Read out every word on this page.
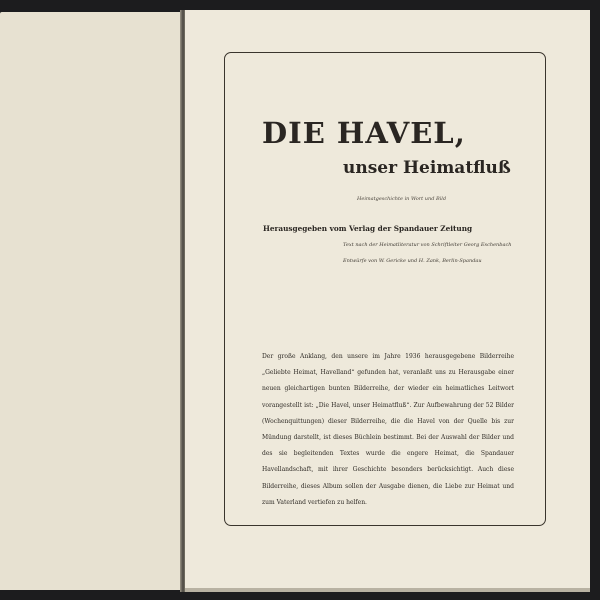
DIE HAVEL,
unser Heimatfluß
Heimatgeschichte in Wort und Bild
Herausgegeben vom Verlag der Spandauer Zeitung
Text nach der Heimatliteratur von Schriftleiter Georg Eschenbach
Entwürfe von W. Gericke und H. Zank, Berlin-Spandau

Der große Anklang, den unsere im Jahre 1936 herausgegebene Bilderreihe „Geliebte Heimat, Havelland“ gefunden hat, veranlaßt uns zu Herausgabe einer neuen gleichartigen bunten Bilderreihe, der wieder ein heimatliches Leitwort vorangestellt ist: „Die Havel, unser Heimatfluß“. Zur Aufbewahrung der 52 Bilder (Wochenquittungen) dieser Bilderreihe, die die Havel von der Quelle bis zur Mündung darstellt, ist dieses Büchlein bestimmt. Bei der Auswahl der Bilder und des sie begleitenden Textes wurde die engere Heimat, die Spandauer Havellandschaft, mit ihrer Geschichte besonders berücksichtigt. Auch diese Bilderreihe, dieses Album sollen der Ausgabe dienen, die Liebe zur Heimat und zum Vaterland vertiefen zu helfen.
